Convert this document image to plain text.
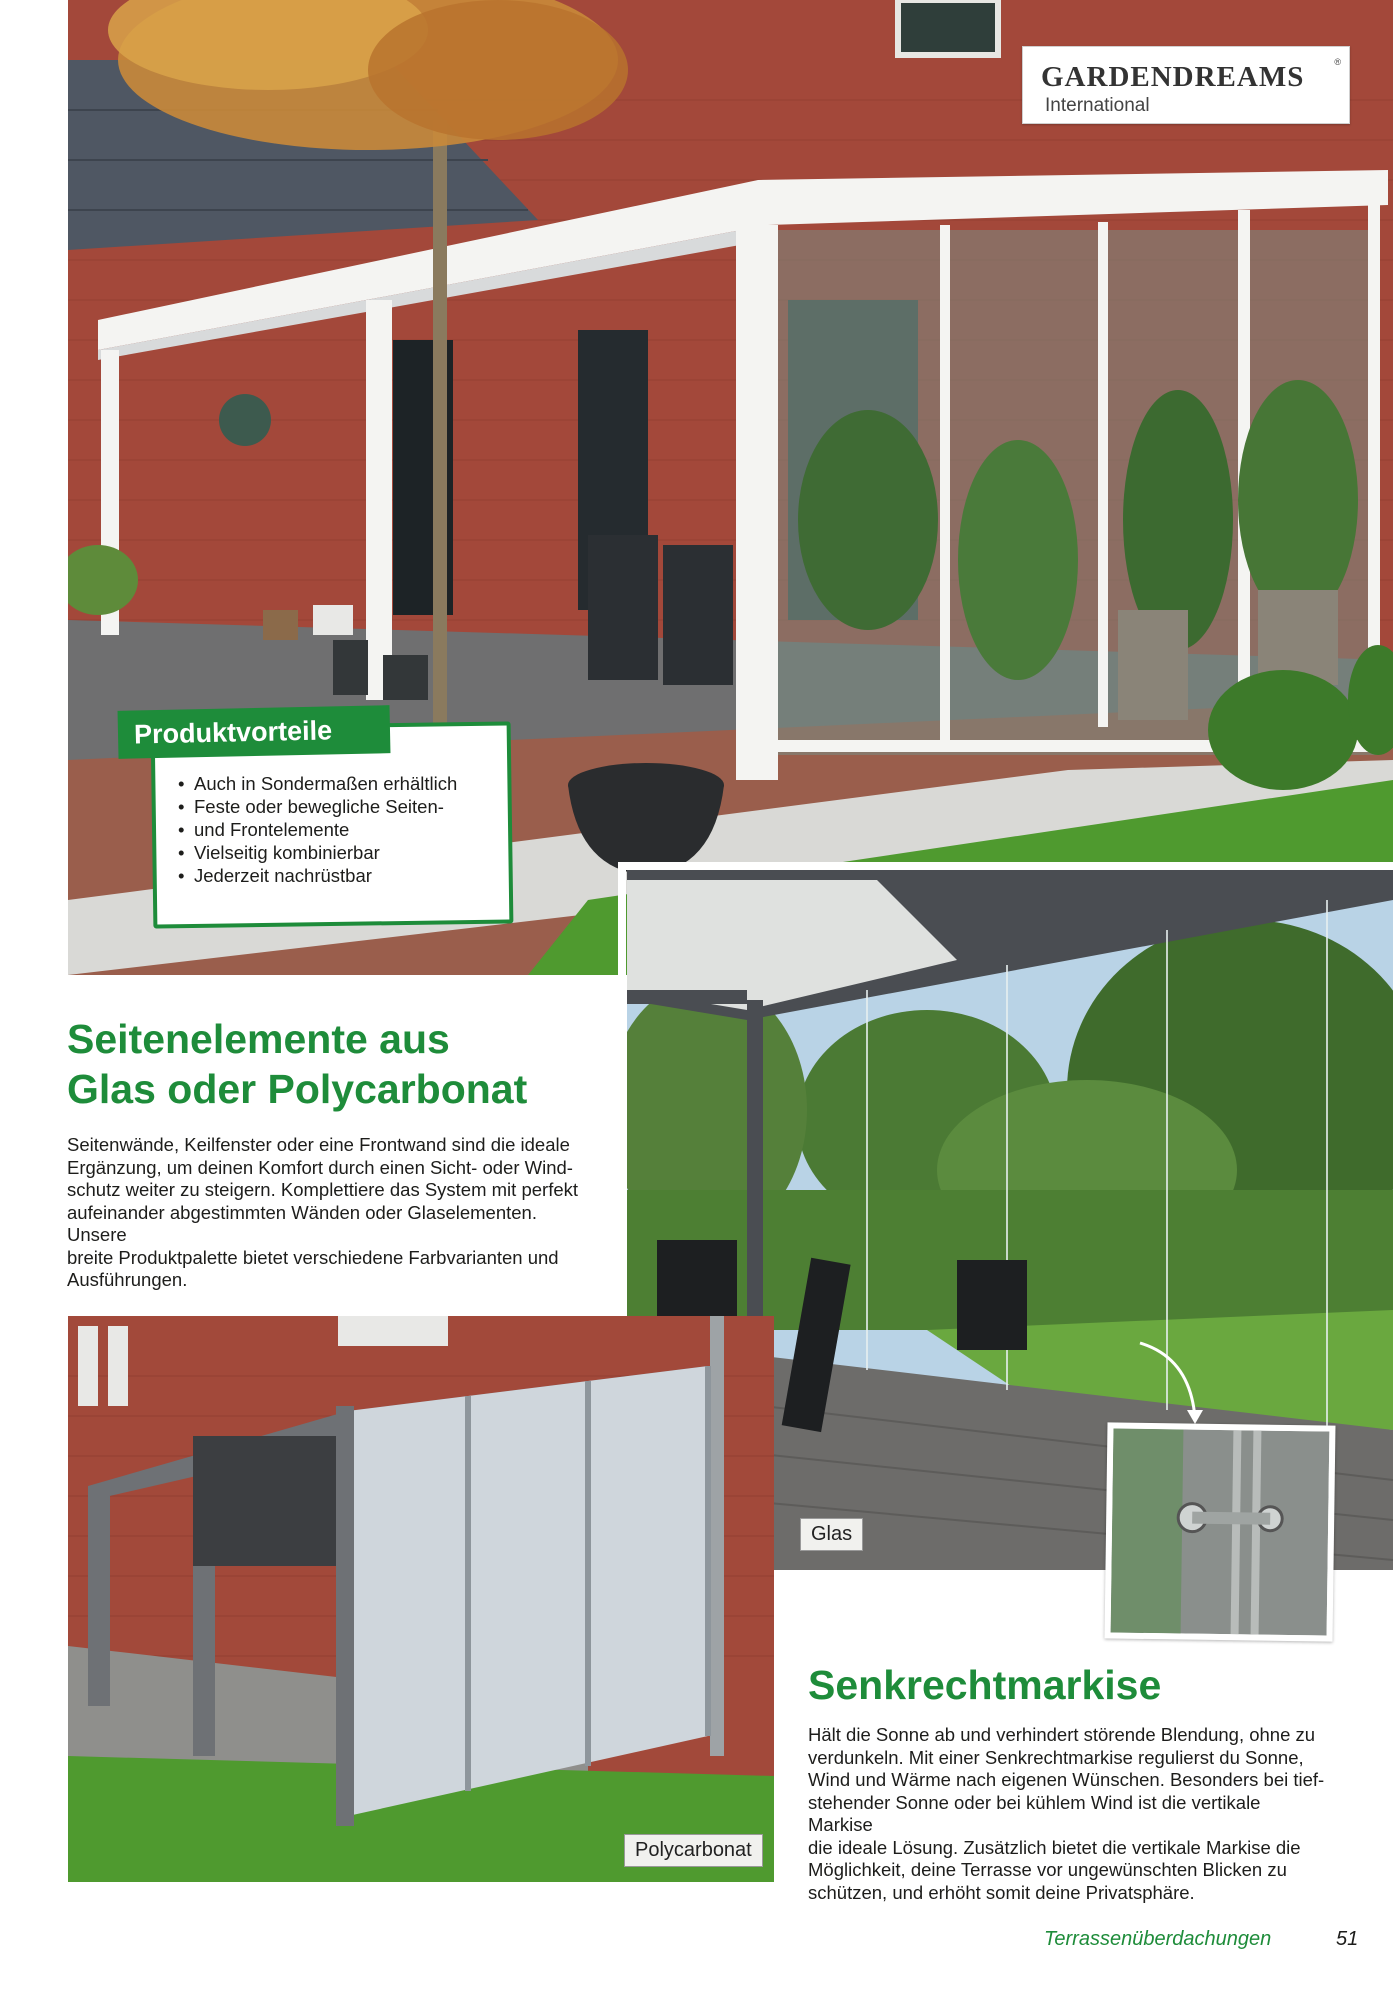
GARDENDREAMS	®
International
Produktvorteile
• Auch in Sondermaßen erhältlich
• Feste oder bewegliche Seiten-
• und Frontelemente
• Vielseitig kombinierbar
• Jederzeit nachrüstbar
Seitenelemente aus
Glas oder Polycarbonat

Seitenwände, Keilfenster oder eine Frontwand sind die ideale
Ergänzung, um deinen Komfort durch einen Sicht- oder Wind-
schutz weiter zu steigern. Komplettiere das System mit perfekt
aufeinander abgestimmten Wänden oder Glaselementen. Unsere
breite Produktpalette bietet verschiedene Farbvarianten und
Ausführungen.

Glas
Polycarbonat
Senkrechtmarkise

Hält die Sonne ab und verhindert störende Blendung, ohne zu
verdunkeln. Mit einer Senkrechtmarkise regulierst du Sonne,
Wind und Wärme nach eigenen Wünschen. Besonders bei tief-
stehender Sonne oder bei kühlem Wind ist die vertikale Markise
die ideale Lösung. Zusätzlich bietet die vertikale Markise die
Möglichkeit, deine Terrasse vor ungewünschten Blicken zu
schützen, und erhöht somit deine Privatsphäre.

Terrassenüberdachungen	51
